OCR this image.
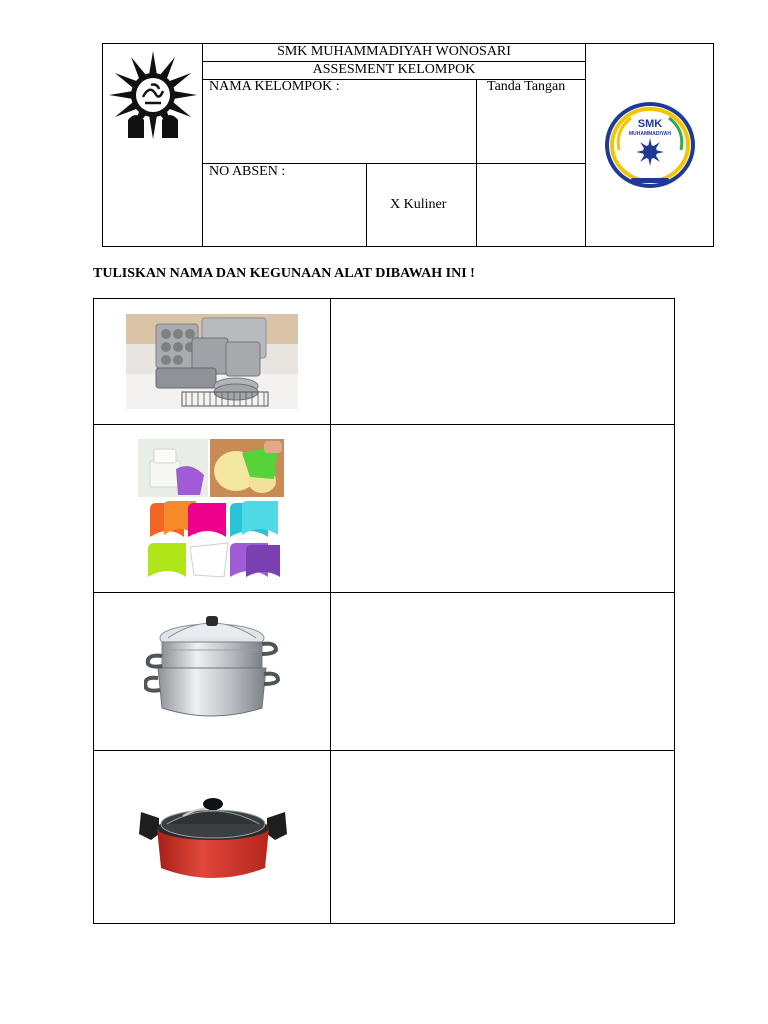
SMK MUHAMMADIYAH WONOSARI
ASSESMENT KELOMPOK
NAMA KELOMPOK :	Tanda Tangan
NO ABSEN :
X Kuliner
SMK
MUHAMMADIYAH
TULISKAN NAMA DAN KEGUNAAN ALAT DIBAWAH INI !
